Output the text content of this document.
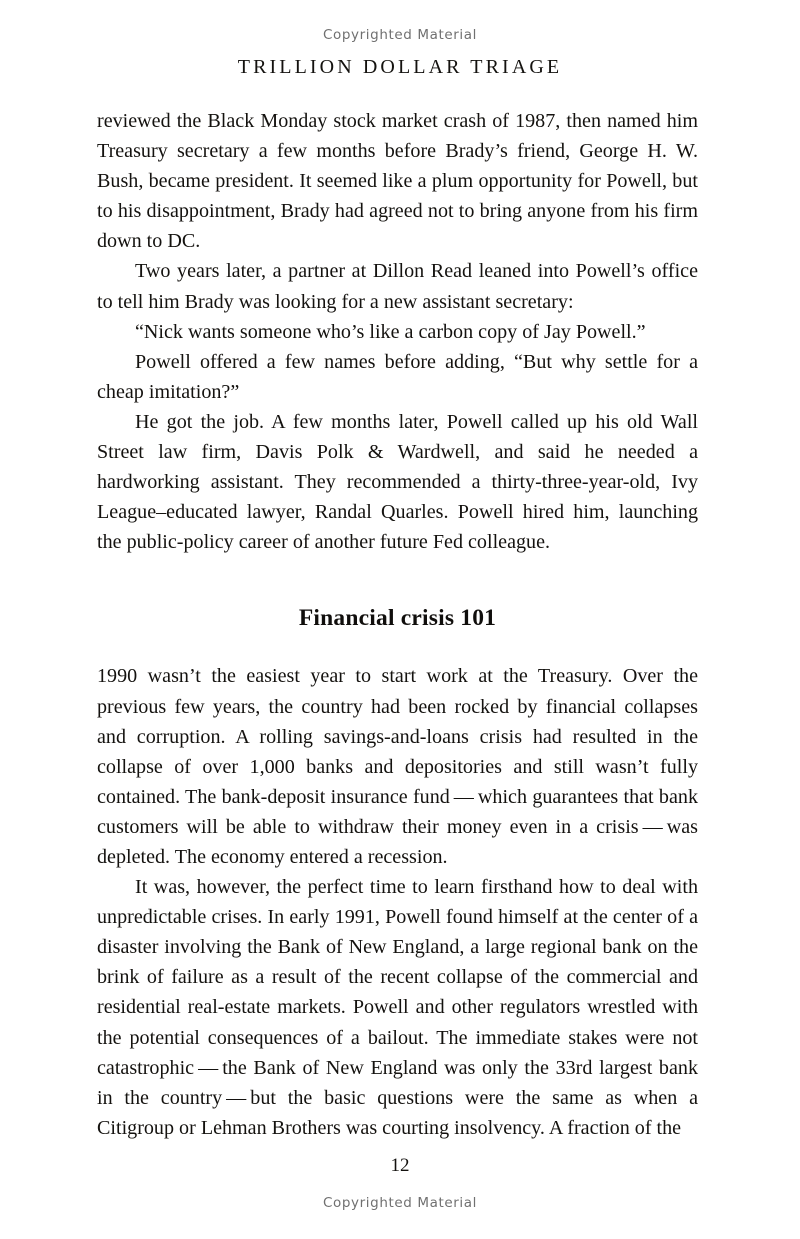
Copyrighted Material
TRILLION DOLLAR TRIAGE

reviewed the Black Monday stock market crash of 1987, then named him Treasury secretary a few months before Brady’s friend, George H. W. Bush, became president. It seemed like a plum opportunity for Powell, but to his disappointment, Brady had agreed not to bring anyone from his firm down to DC.

Two years later, a partner at Dillon Read leaned into Powell’s office to tell him Brady was looking for a new assistant secretary:

“Nick wants someone who’s like a carbon copy of Jay Powell.”

Powell offered a few names before adding, “But why settle for a cheap imitation?”

He got the job. A few months later, Powell called up his old Wall Street law firm, Davis Polk & Wardwell, and said he needed a hardworking assistant. They recommended a thirty-three-year-old, Ivy League–educated lawyer, Randal Quarles. Powell hired him, launching the public-policy career of another future Fed colleague.

Financial crisis 101

1990 wasn’t the easiest year to start work at the Treasury. Over the previous few years, the country had been rocked by financial collapses and corruption. A rolling savings-and-loans crisis had resulted in the collapse of over 1,000 banks and depositories and still wasn’t fully contained. The bank-deposit insurance fund — which guarantees that bank customers will be able to withdraw their money even in a crisis — was depleted. The economy entered a recession.

It was, however, the perfect time to learn firsthand how to deal with unpredictable crises. In early 1991, Powell found himself at the center of a disaster involving the Bank of New England, a large regional bank on the brink of failure as a result of the recent collapse of the commercial and residential real-estate markets. Powell and other regulators wrestled with the potential consequences of a bailout. The immediate stakes were not catastrophic — the Bank of New England was only the 33rd largest bank in the country — but the basic questions were the same as when a Citigroup or Lehman Brothers was courting insolvency. A fraction of the

12
Copyrighted Material
